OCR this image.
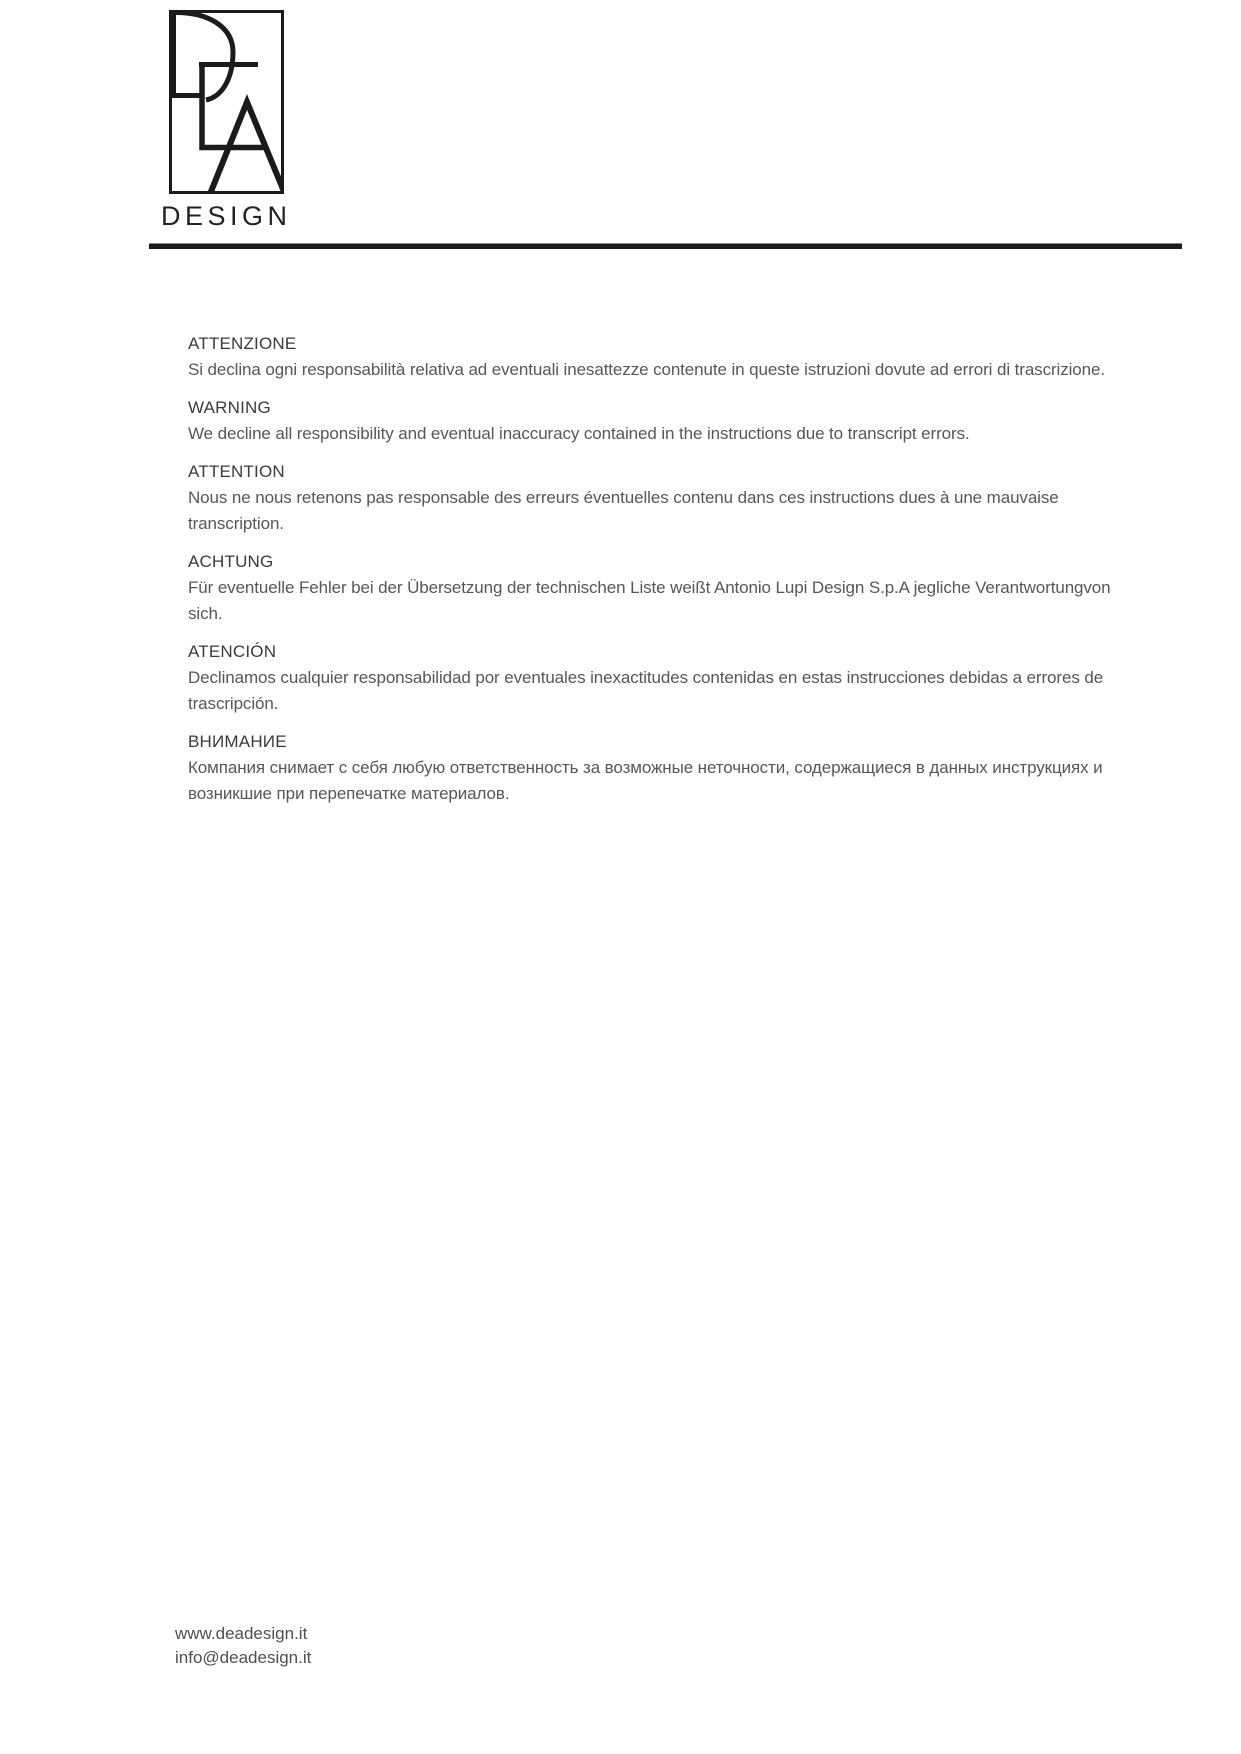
DESIGN

ATTENZIONE

Si declina ogni responsabilità relativa ad eventuali inesattezze contenute in queste istruzioni dovute ad errori di trascrizione.

WARNING

We decline all responsibility and eventual inaccuracy contained in the instructions due to transcript errors.

ATTENTION

Nous ne nous retenons pas responsable des erreurs éventuelles contenu dans ces instructions dues à une mauvaise transcription.

ACHTUNG

Für eventuelle Fehler bei der Übersetzung der technischen Liste weißt Antonio Lupi Design S.p.A jegliche Verantwortungvon sich.

ATENCIÓN

Declinamos cualquier responsabilidad por eventuales inexactitudes contenidas en estas instrucciones debidas a errores de trascripción.

ВНИМАНИЕ

Компания снимает с себя любую ответственность за возможные неточности, содержащиеся в данных инструкциях и возникшие при перепечатке материалов.

www.deadesign.it
info@deadesign.it
